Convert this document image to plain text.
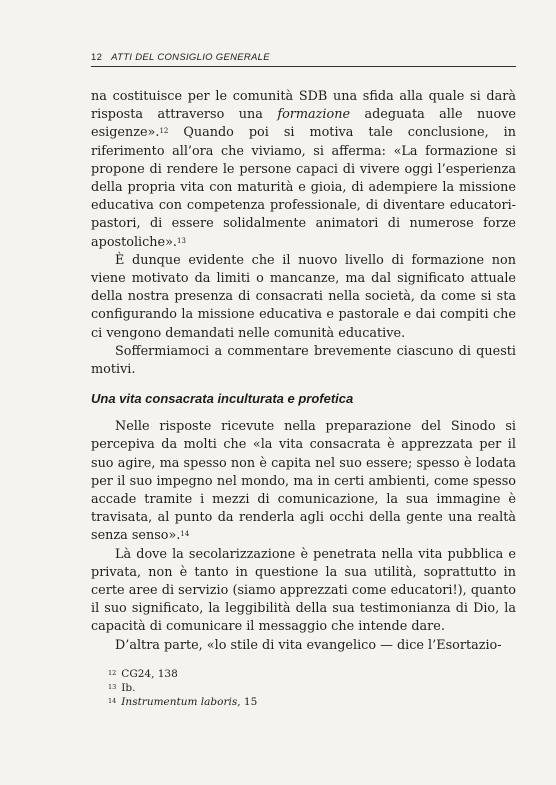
12 ATTI DEL CONSIGLIO GENERALE

na costituisce per le comunità SDB una sfida alla quale si darà risposta attraverso una formazione adeguata alle nuove esigenze».$^{12}$ Quando poi si motiva tale conclusione, in riferimento all’ora che viviamo, si afferma: «La formazione si propone di rendere le persone capaci di vivere oggi l’esperienza della propria vita con maturità e gioia, di adempiere la missione educativa con competenza professionale, di diventare educatori-pastori, di essere solidalmente animatori di numerose forze apostoliche».$^{13}$

È dunque evidente che il nuovo livello di formazione non viene motivato da limiti o mancanze, ma dal significato attuale della nostra presenza di consacrati nella società, da come si sta configurando la missione educativa e pastorale e dai compiti che ci vengono demandati nelle comunità educative.

Soffermiamoci a commentare brevemente ciascuno di questi motivi.

Una vita consacrata inculturata e profetica

Nelle risposte ricevute nella preparazione del Sinodo si percepiva da molti che «la vita consacrata è apprezzata per il suo agire, ma spesso non è capita nel suo essere; spesso è lodata per il suo impegno nel mondo, ma in certi ambienti, come spesso accade tramite i mezzi di comunicazione, la sua immagine è travisata, al punto da renderla agli occhi della gente una realtà senza senso».$^{14}$

Là dove la secolarizzazione è penetrata nella vita pubblica e privata, non è tanto in questione la sua utilità, soprattutto in certe aree di servizio (siamo apprezzati come educatori!), quanto il suo significato, la leggibilità della sua testimonianza di Dio, la capacità di comunicare il messaggio che intende dare.

D’altra parte, «lo stile di vita evangelico — dice l’Esortazio-

$^{12}$ CG24, 138
$^{13}$ Ib.
$^{14}$ Instrumentum laboris, 15
